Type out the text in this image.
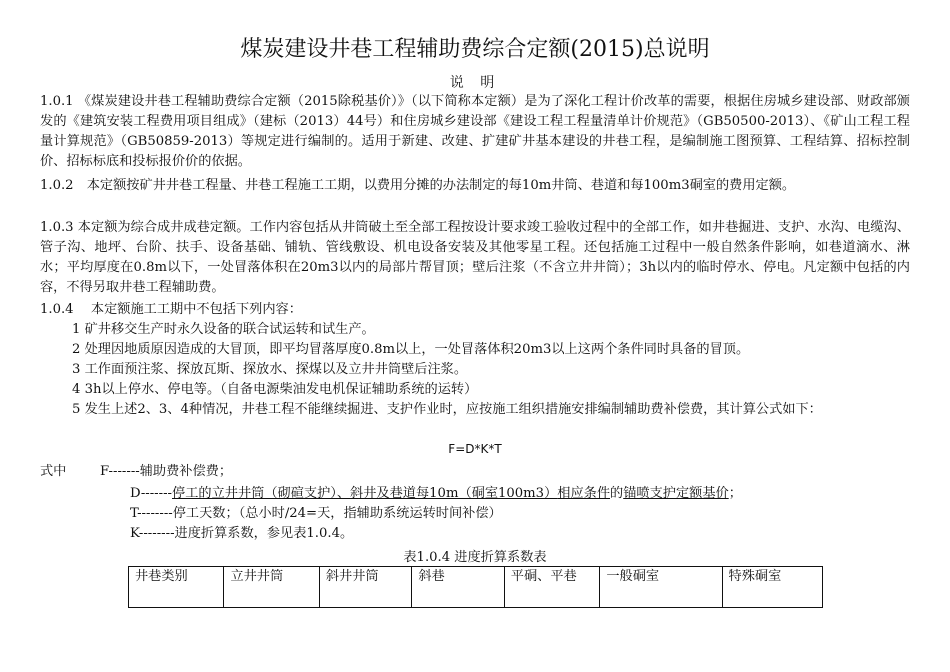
煤炭建设井巷工程辅助费综合定额(2015)总说明
说 明
1.0.1 《煤炭建设井巷工程辅助费综合定额（2015除税基价）》（以下简称本定额）是为了深化工程计价改革的需要，根据住房城乡建设部、财政部颁发的《建筑安装工程费用项目组成》（建标（2013）44号）和住房城乡建设部《建设工程工程量清单计价规范》（GB50500-2013）、《矿山工程工程量计算规范》（GB50859-2013）等规定进行编制的。适用于新建、改建、扩建矿井基本建设的井巷工程，是编制施工图预算、工程结算、招标控制价、招标标底和投标报价价的依据。
1.0.2　本定额按矿井井巷工程量、井巷工程施工工期，以费用分摊的办法制定的每10m井筒、巷道和每100m3硐室的费用定额。
1.0.3 本定额为综合成井成巷定额。工作内容包括从井筒破土至全部工程按设计要求竣工验收过程中的全部工作，如井巷掘进、支护、水沟、电缆沟、管子沟、地坪、台阶、扶手、设备基础、铺轨、管线敷设、机电设备安装及其他零星工程。还包括施工过程中一般自然条件影响，如巷道滴水、淋水；平均厚度在0.8m以下，一处冒落体积在20m3以内的局部片帮冒顶；壁后注浆（不含立井井筒）；3h以内的临时停水、停电。凡定额中包括的内容，不得另取井巷工程辅助费。
1.0.4　 本定额施工工期中不包括下列内容：
1 矿井移交生产时永久设备的联合试运转和试生产。
2 处理因地质原因造成的大冒顶，即平均冒落厚度0.8m以上，一处冒落体积20m3以上这两个条件同时具备的冒顶。
3 工作面预注浆、探放瓦斯、探放水、探煤以及立井井筒壁后注浆。
4 3h以上停水、停电等。（自备电源柴油发电机保证辅助系统的运转）
5 发生上述2、3、4种情况，井巷工程不能继续掘进、支护作业时，应按施工组织措施安排编制辅助费补偿费，其计算公式如下：
F=D*K*T
式中	F-------辅助费补偿费；
D-------停工的立井井筒（砌碹支护）、斜井及巷道每10m（硐室100m3）相应条件的锚喷支护定额基价；
T--------停工天数；（总小时/24=天，指辅助系统运转时间补偿）
K--------进度折算系数，参见表1.0.4。
表1.0.4 进度折算系数表
井巷类别	立井井筒	斜井井筒	斜巷	平硐、平巷	一般硐室	特殊硐室
